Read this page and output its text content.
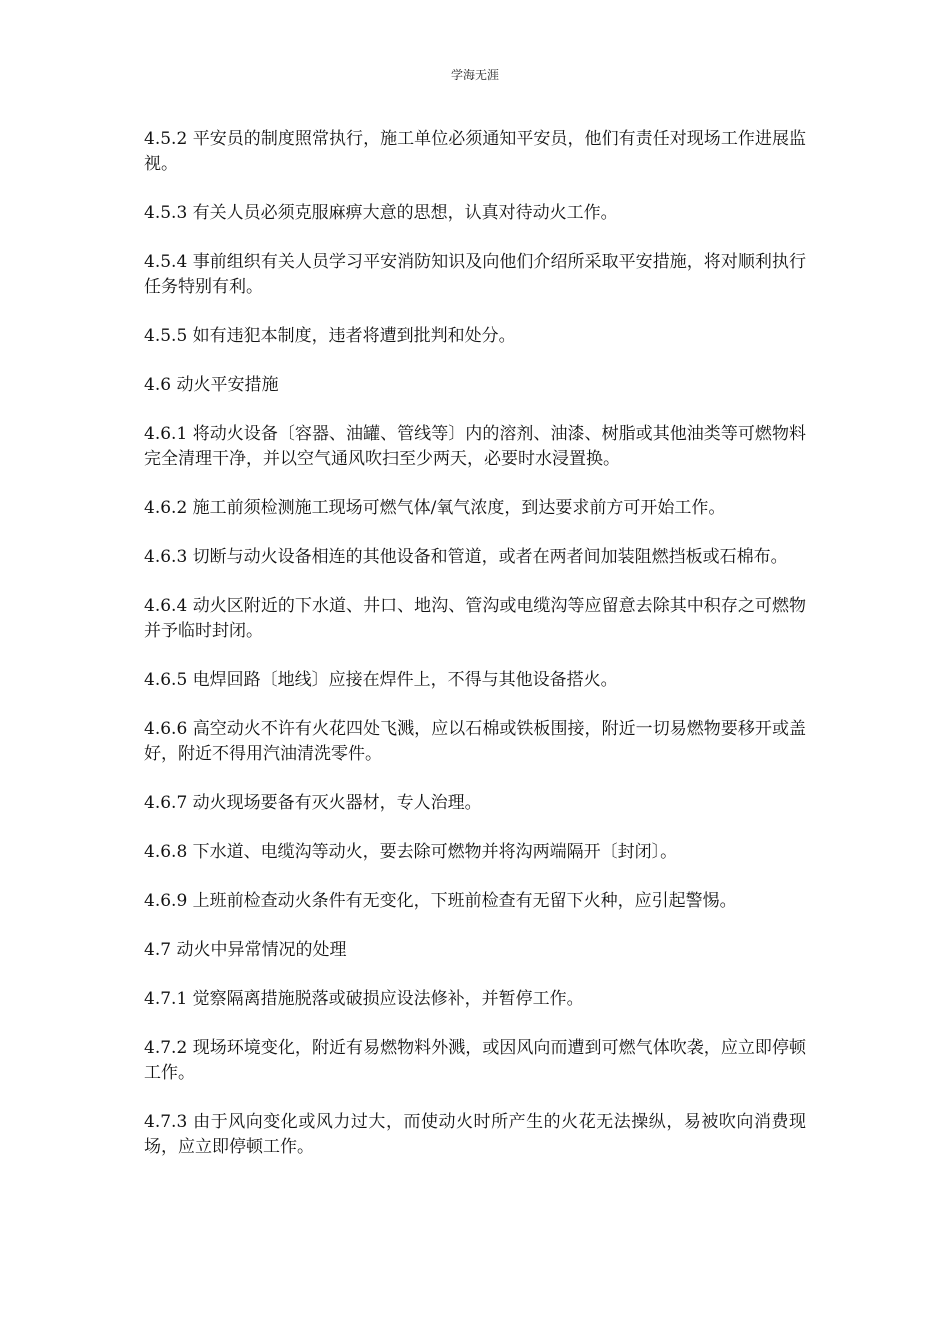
学海无涯

4.5.2 平安员的制度照常执行，施工单位必须通知平安员，他们有责任对现场工作进展监视。

4.5.3 有关人员必须克服麻痹大意的思想，认真对待动火工作。

4.5.4 事前组织有关人员学习平安消防知识及向他们介绍所采取平安措施，将对顺利执行任务特别有利。

4.5.5 如有违犯本制度，违者将遭到批判和处分。

4.6 动火平安措施

4.6.1 将动火设备〔容器、油罐、管线等〕内的溶剂、油漆、树脂或其他油类等可燃物料完全清理干净，并以空气通风吹扫至少两天，必要时水浸置换。

4.6.2 施工前须检测施工现场可燃气体/氧气浓度，到达要求前方可开始工作。

4.6.3 切断与动火设备相连的其他设备和管道，或者在两者间加装阻燃挡板或石棉布。

4.6.4 动火区附近的下水道、井口、地沟、管沟或电缆沟等应留意去除其中积存之可燃物并予临时封闭。

4.6.5 电焊回路〔地线〕应接在焊件上，不得与其他设备搭火。

4.6.6 高空动火不许有火花四处飞溅，应以石棉或铁板围接，附近一切易燃物要移开或盖好，附近不得用汽油清洗零件。

4.6.7 动火现场要备有灭火器材，专人治理。

4.6.8 下水道、电缆沟等动火，要去除可燃物并将沟两端隔开〔封闭〕。

4.6.9 上班前检查动火条件有无变化，下班前检查有无留下火种，应引起警惕。

4.7 动火中异常情况的处理

4.7.1 觉察隔离措施脱落或破损应设法修补，并暂停工作。

4.7.2 现场环境变化，附近有易燃物料外溅，或因风向而遭到可燃气体吹袭，应立即停顿工作。

4.7.3 由于风向变化或风力过大，而使动火时所产生的火花无法操纵，易被吹向消费现场，应立即停顿工作。
